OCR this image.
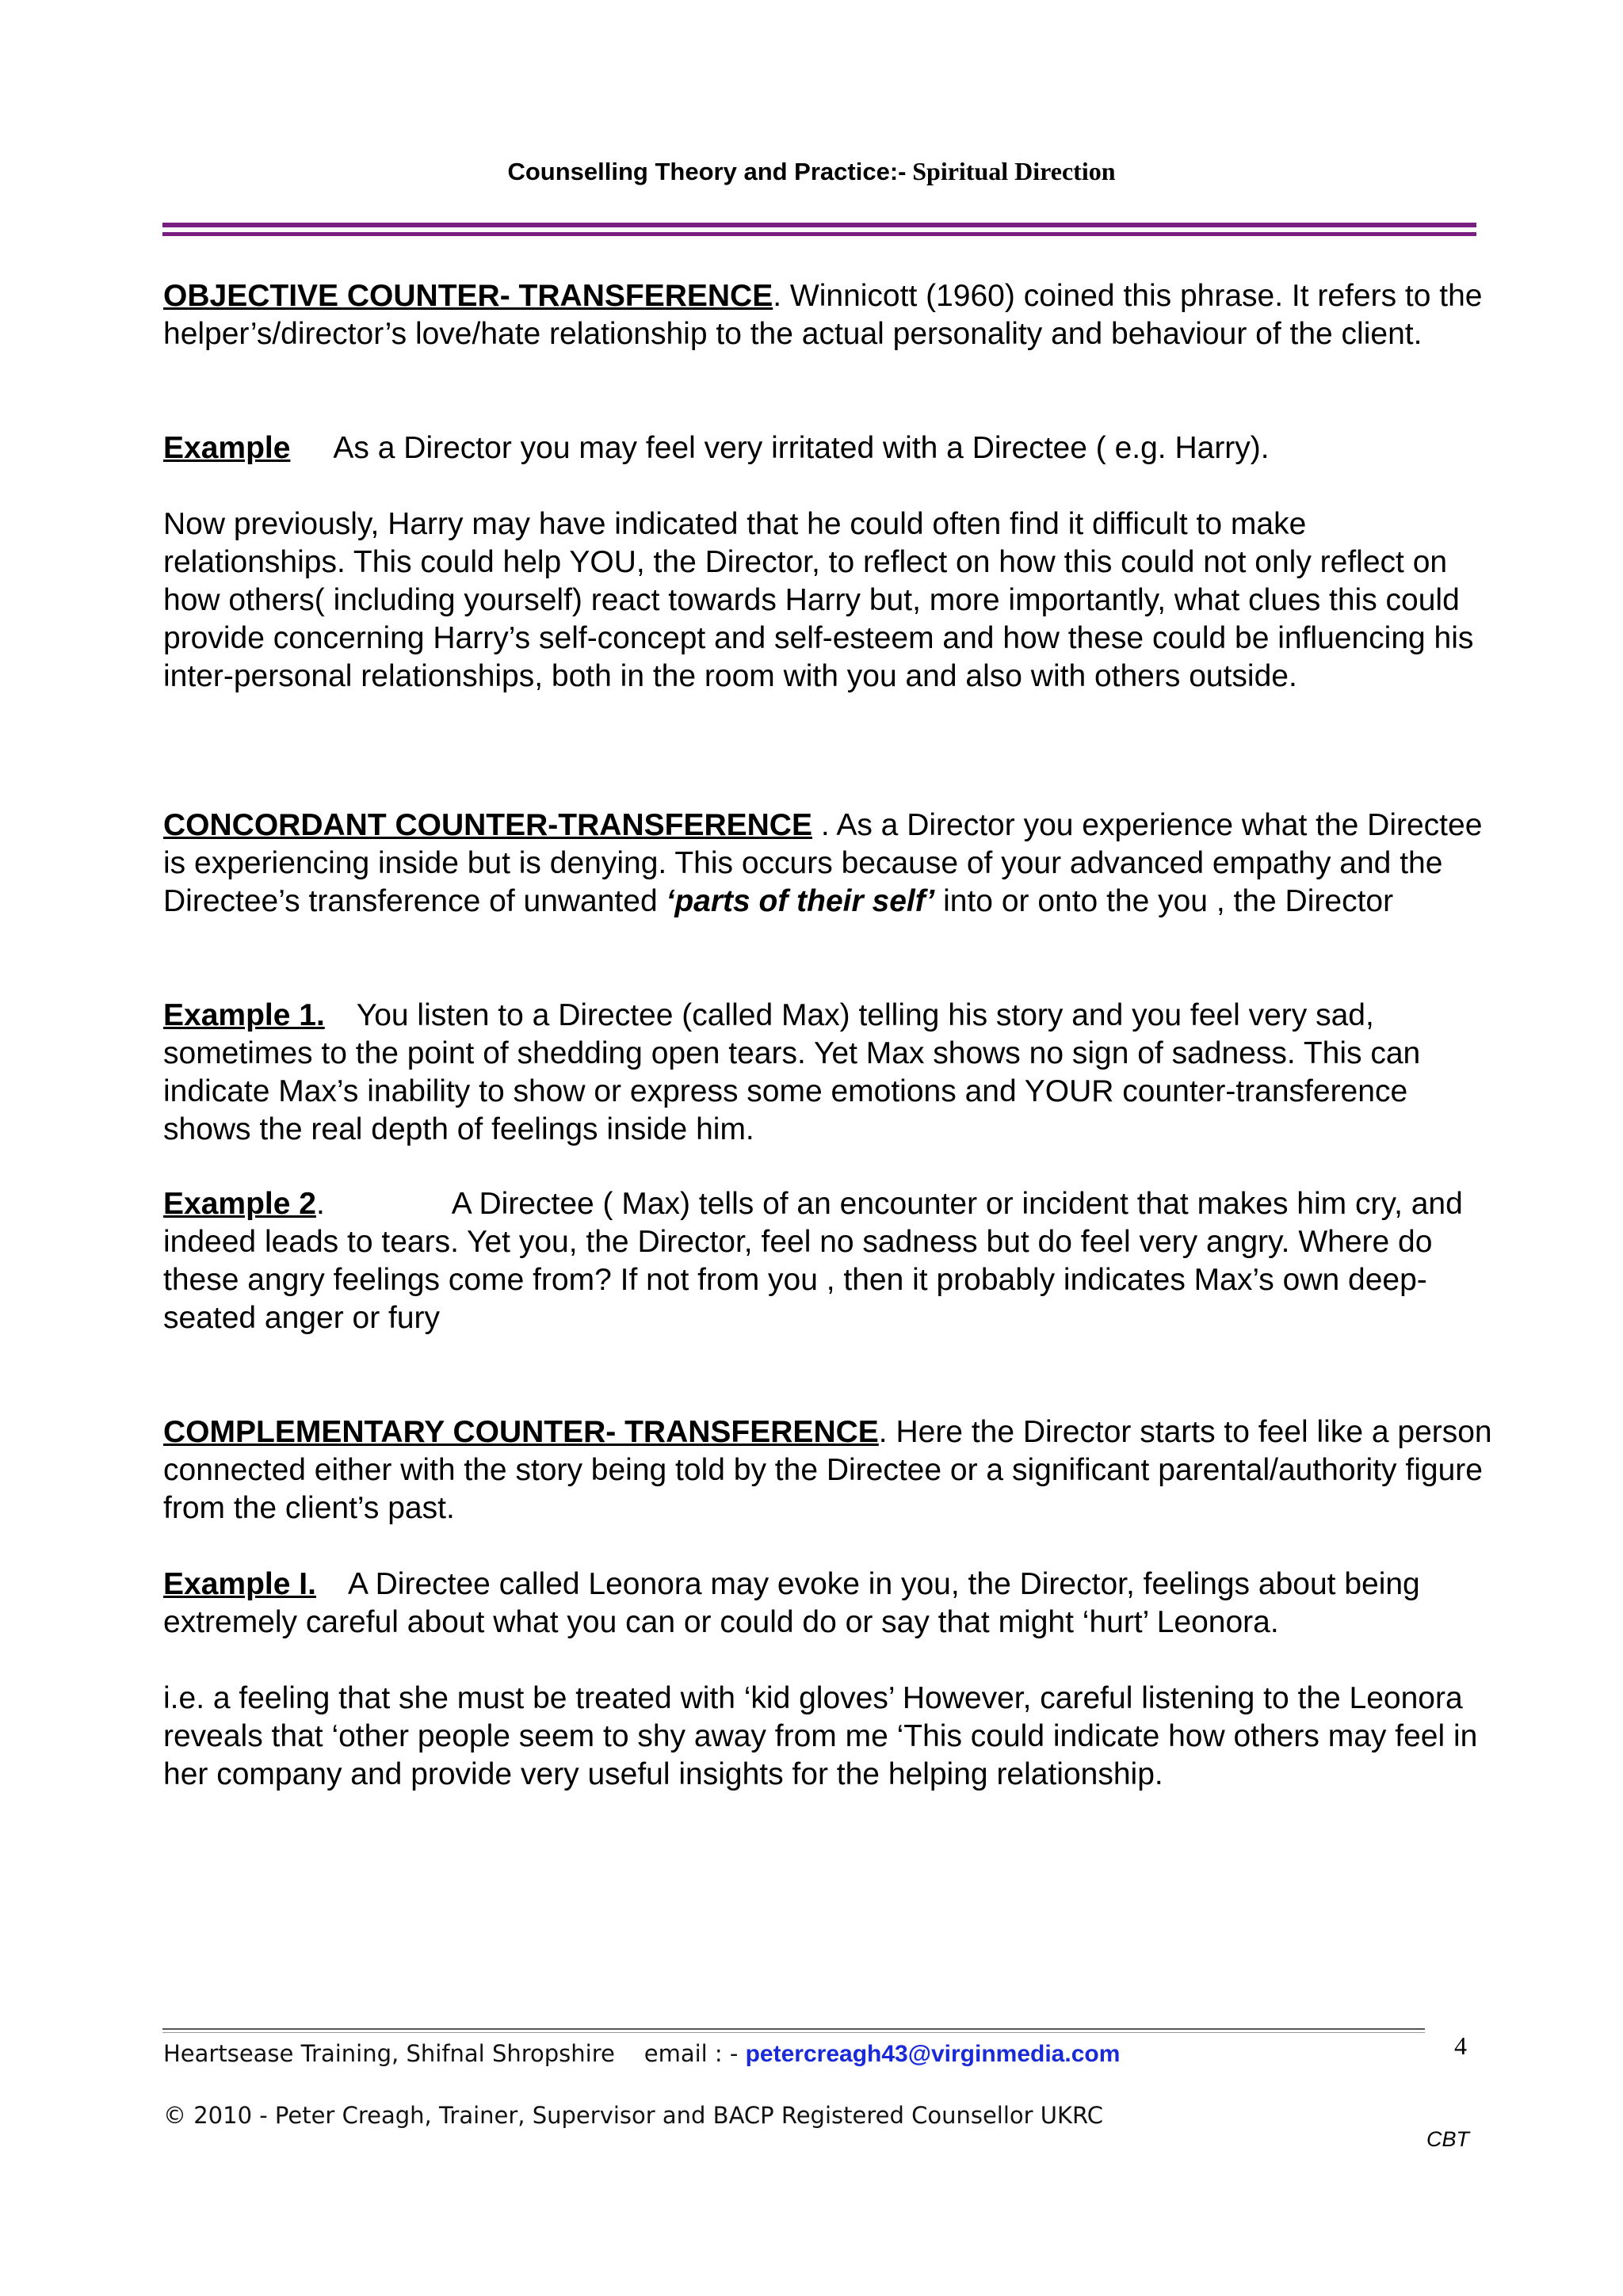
Counselling Theory and Practice:- Spiritual Direction

OBJECTIVE COUNTER- TRANSFERENCE. Winnicott (1960) coined this phrase. It refers to the helper’s/director’s love/hate relationship to the actual personality and behaviour of the client.

Example As a Director you may feel very irritated with a Directee ( e.g. Harry).

Now previously, Harry may have indicated that he could often find it difficult to make relationships. This could help YOU, the Director, to reflect on how this could not only reflect on how others( including yourself) react towards Harry but, more importantly, what clues this could provide concerning Harry’s self-concept and self-esteem and how these could be influencing his inter-personal relationships, both in the room with you and also with others outside.

CONCORDANT COUNTER-TRANSFERENCE . As a Director you experience what the Directee is experiencing inside but is denying. This occurs because of your advanced empathy and the Directee’s transference of unwanted ‘parts of their self’ into or onto the you , the Director

Example 1. You listen to a Directee (called Max) telling his story and you feel very sad, sometimes to the point of shedding open tears. Yet Max shows no sign of sadness. This can indicate Max’s inability to show or express some emotions and YOUR counter-transference shows the real depth of feelings inside him.

Example 2.	A Directee ( Max) tells of an encounter or incident that makes him cry, and indeed leads to tears. Yet you, the Director, feel no sadness but do feel very angry. Where do these angry feelings come from? If not from you , then it probably indicates Max’s own deep-seated anger or fury

COMPLEMENTARY COUNTER- TRANSFERENCE. Here the Director starts to feel like a person connected either with the story being told by the Directee or a significant parental/authority figure from the client’s past.

Example I. A Directee called Leonora may evoke in you, the Director, feelings about being extremely careful about what you can or could do or say that might ‘hurt’ Leonora.

i.e. a feeling that she must be treated with ‘kid gloves’ However, careful listening to the Leonora reveals that ‘other people seem to shy away from me ‘This could indicate how others may feel in her company and provide very useful insights for the helping relationship.

Heartsease Training, Shifnal Shropshire email : - petercreagh43@virginmedia.com	4
© 2010 - Peter Creagh, Trainer, Supervisor and BACP Registered Counsellor UKRC
CBT
